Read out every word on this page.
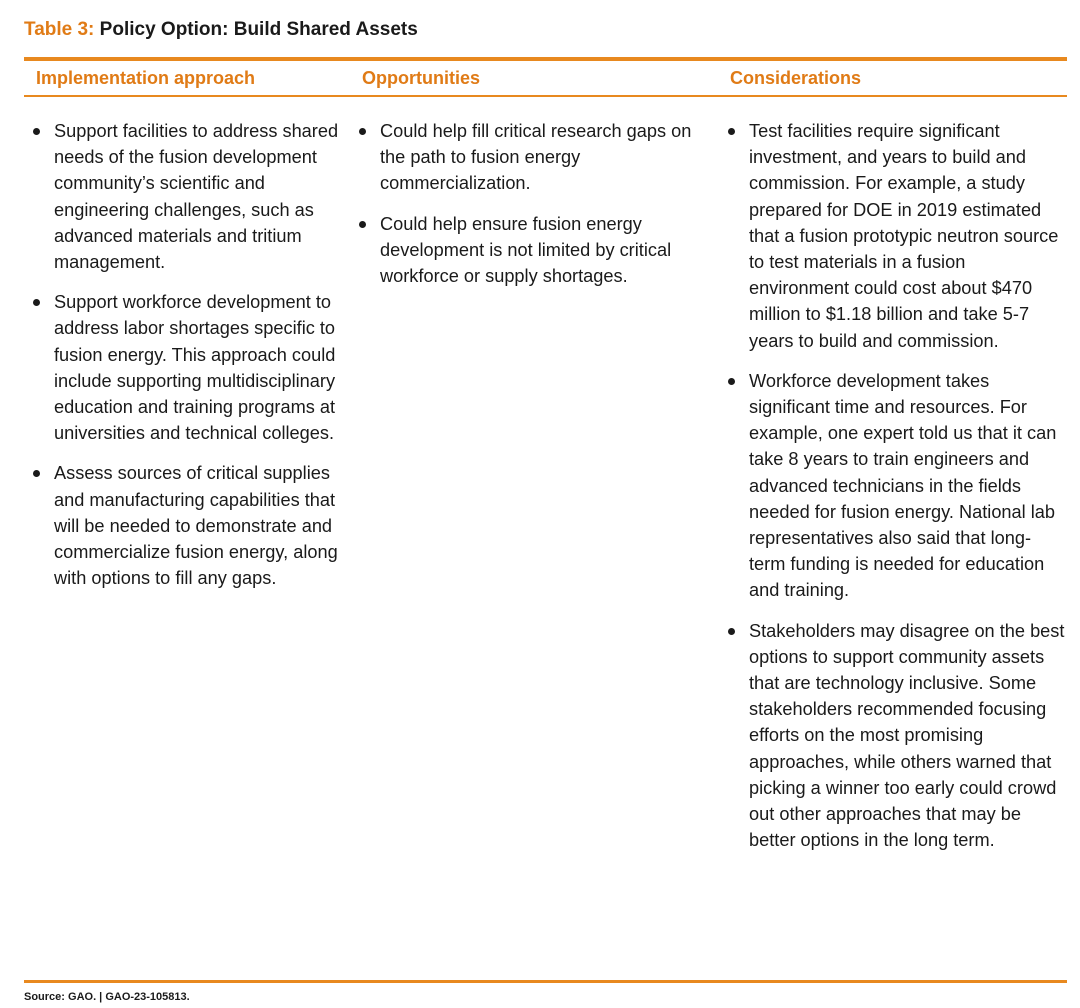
Table 3: Policy Option: Build Shared Assets
Implementation approach	Opportunities	Considerations
Support facilities to address shared needs of the fusion development community’s scientific and engineering challenges, such as advanced materials and tritium management.
Support workforce development to address labor shortages specific to fusion energy. This approach could include supporting multidisciplinary education and training programs at universities and technical colleges.
Assess sources of critical supplies and manufacturing capabilities that will be needed to demonstrate and commercialize fusion energy, along with options to fill any gaps.
Could help fill critical research gaps on the path to fusion energy commercialization.
Could help ensure fusion energy development is not limited by critical workforce or supply shortages.
Test facilities require significant investment, and years to build and commission. For example, a study prepared for DOE in 2019 estimated that a fusion prototypic neutron source to test materials in a fusion environment could cost about $470 million to $1.18 billion and take 5-7 years to build and commission.
Workforce development takes significant time and resources. For example, one expert told us that it can take 8 years to train engineers and advanced technicians in the fields needed for fusion energy. National lab representatives also said that long-term funding is needed for education and training.
Stakeholders may disagree on the best options to support community assets that are technology inclusive. Some stakeholders recommended focusing efforts on the most promising approaches, while others warned that picking a winner too early could crowd out other approaches that may be better options in the long term.
Source: GAO. | GAO-23-105813.
